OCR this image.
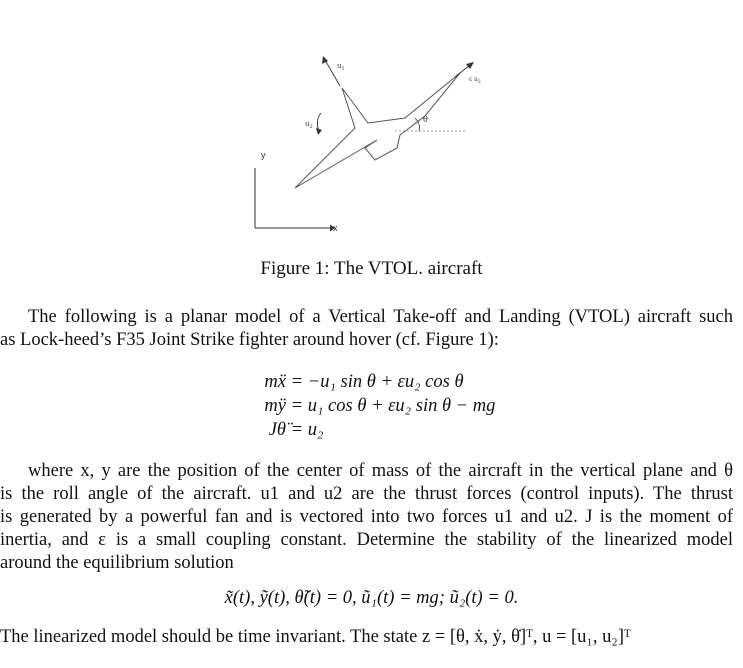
y
x
θ
$u_1$
ε $u_2$
$u_2$
Figure 1: The VTOL. aircraft

The following is a planar model of a Vertical Take-off and Landing (VTOL) aircraft such
as Lock-heed’s F35 Joint Strike fighter around hover (cf. Figure 1):

mẍ = −u₁ sin θ + εu₂ cos θ
mÿ = u₁ cos θ + εu₂ sin θ − mg
Jθ̈ = u₂

where x, y are the position of the center of mass of the aircraft in the vertical plane and θ
is the roll angle of the aircraft. u1 and u2 are the thrust forces (control inputs). The thrust
is generated by a powerful fan and is vectored into two forces u1 and u2. J is the moment of
inertia, and ε is a small coupling constant. Determine the stability of the linearized model
around the equilibrium solution

x̃(t), ỹ(t), θ̃(t) = 0, ũ₁(t) = mg; ũ₂(t) = 0.

The linearized model should be time invariant. The state z = [θ, ẋ, ẏ, θ̇]ᵀ, u = [u₁, u₂]ᵀ
